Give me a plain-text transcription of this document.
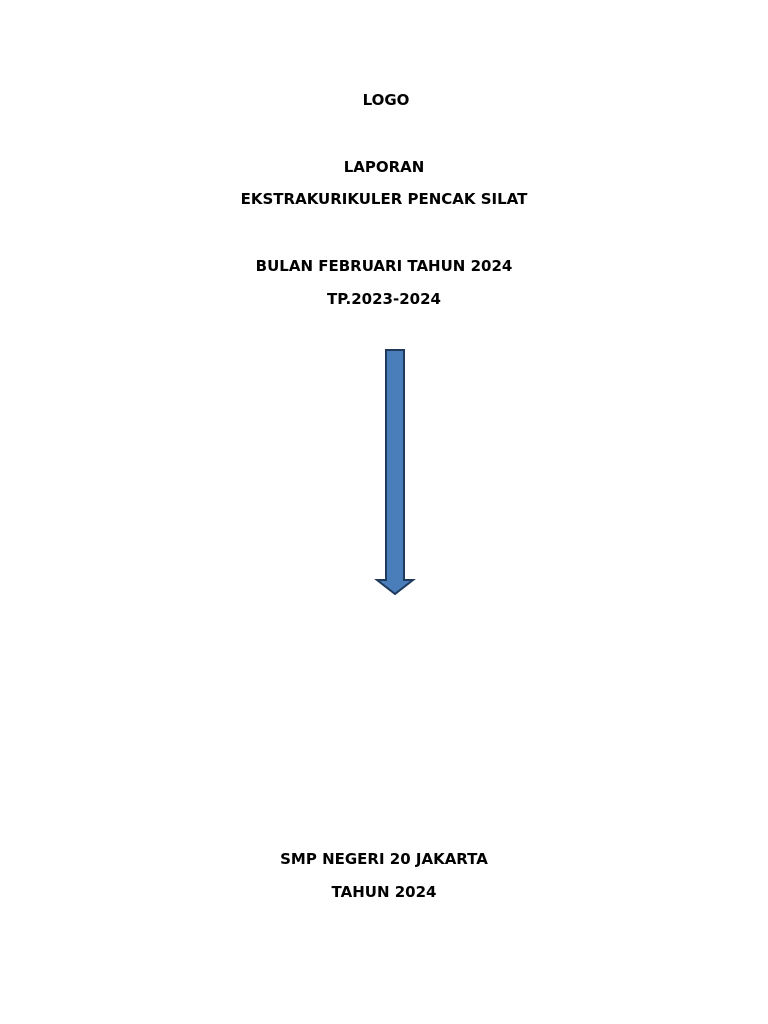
LOGO
LAPORAN
EKSTRAKURIKULER PENCAK SILAT
BULAN FEBRUARI TAHUN 2024
TP.2023-2024
SMP NEGERI 20 JAKARTA
TAHUN 2024
